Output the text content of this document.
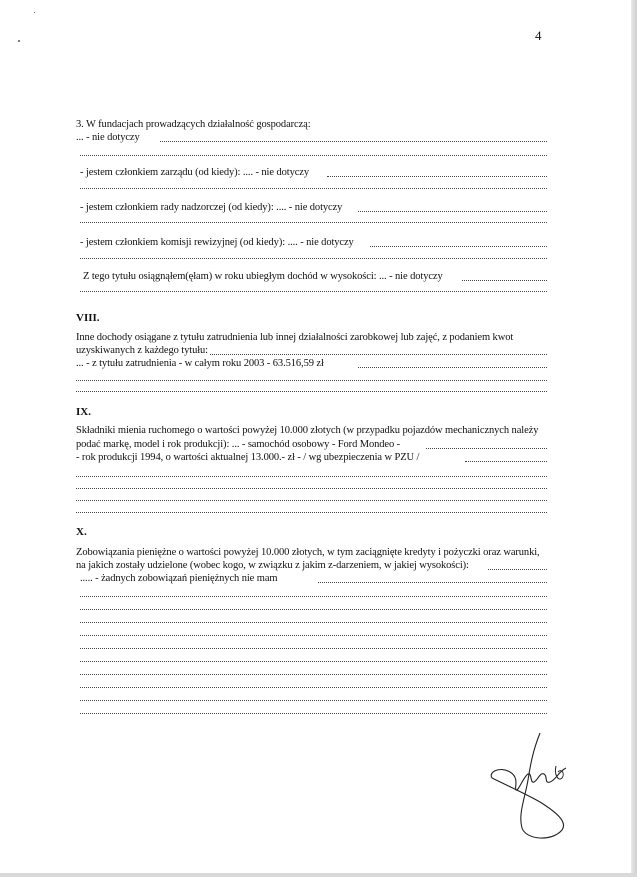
4
3. W fundacjach prowadzących działalność gospodarczą:
... - nie dotyczy
- jestem członkiem zarządu (od kiedy): .... - nie dotyczy
- jestem członkiem rady nadzorczej (od kiedy): .... - nie dotyczy
- jestem członkiem komisji rewizyjnej (od kiedy): .... - nie dotyczy
Z tego tytułu osiągnąłem(ęłam) w roku ubiegłym dochód w wysokości: ... - nie dotyczy
VIII.
Inne dochody osiągane z tytułu zatrudnienia lub innej działalności zarobkowej lub zajęć, z podaniem kwot
uzyskiwanych z każdego tytułu:
... - z tytułu zatrudnienia - w całym roku 2003 - 63.516,59 zł
IX.
Składniki mienia ruchomego o wartości powyżej 10.000 złotych (w przypadku pojazdów mechanicznych należy
podać markę, model i rok produkcji): ... - samochód osobowy - Ford Mondeo -
- rok produkcji 1994, o wartości aktualnej 13.000.- zł - / wg ubezpieczenia w PZU /
X.
Zobowiązania pieniężne o wartości powyżej 10.000 złotych, w tym zaciągnięte kredyty i pożyczki oraz warunki,
na jakich zostały udzielone (wobec kogo, w związku z jakim z-darzeniem, w jakiej wysokości):
..... - żadnych zobowiązań pieniężnych nie mam
